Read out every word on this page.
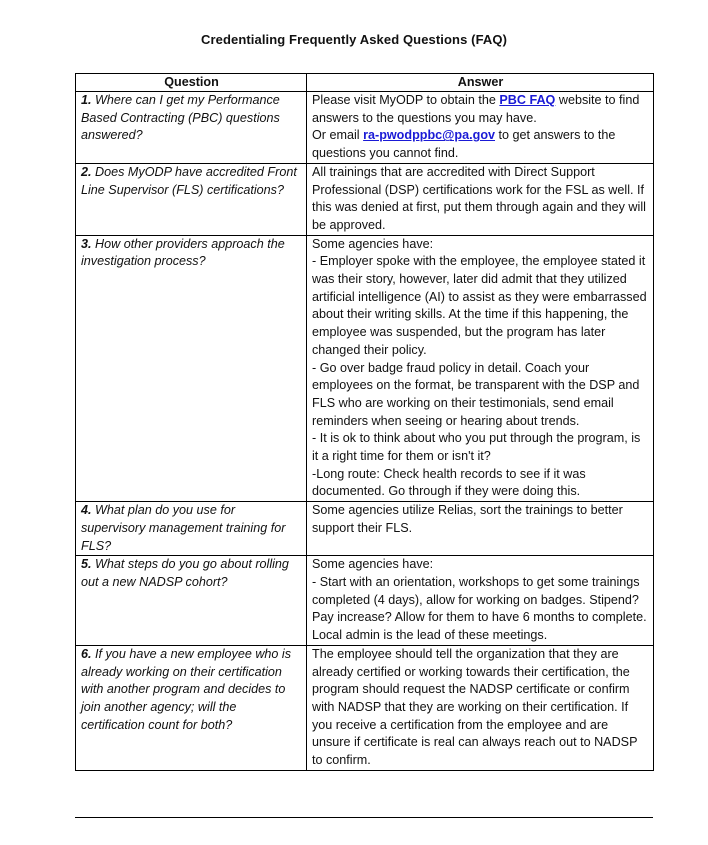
Credentialing Frequently Asked Questions (FAQ)
Question	Answer
1. Where can I get my Performance Based Contracting (PBC) questions answered?	Please visit MyODP to obtain the PBC FAQ website to find answers to the questions you may have.
Or email ra-pwodppbc@pa.gov to get answers to the questions you cannot find.

2. Does MyODP have accredited Front Line Supervisor (FLS) certifications?	All trainings that are accredited with Direct Support Professional (DSP) certifications work for the FSL as well. If this was denied at first, put them through again and they will be approved.

3. How other providers approach the investigation process?	Some agencies have:
- Employer spoke with the employee, the employee stated it was their story, however, later did admit that they utilized artificial intelligence (AI) to assist as they were embarrassed about their writing skills. At the time if this happening, the employee was suspended, but the program has later changed their policy.
- Go over badge fraud policy in detail. Coach your employees on the format, be transparent with the DSP and FLS who are working on their testimonials, send email reminders when seeing or hearing about trends.
- It is ok to think about who you put through the program, is it a right time for them or isn't it?
-Long route: Check health records to see if it was documented. Go through if they were doing this.

4. What plan do you use for supervisory management training for FLS?	Some agencies utilize Relias, sort the trainings to better support their FLS.

5. What steps do you go about rolling out a new NADSP cohort?	Some agencies have:
- Start with an orientation, workshops to get some trainings completed (4 days), allow for working on badges. Stipend? Pay increase? Allow for them to have 6 months to complete. Local admin is the lead of these meetings.

6. If you have a new employee who is already working on their certification with another program and decides to join another agency; will the certification count for both?	The employee should tell the organization that they are already certified or working towards their certification, the program should request the NADSP certificate or confirm with NADSP that they are working on their certification. If you receive a certification from the employee and are unsure if certificate is real can always reach out to NADSP to confirm.
